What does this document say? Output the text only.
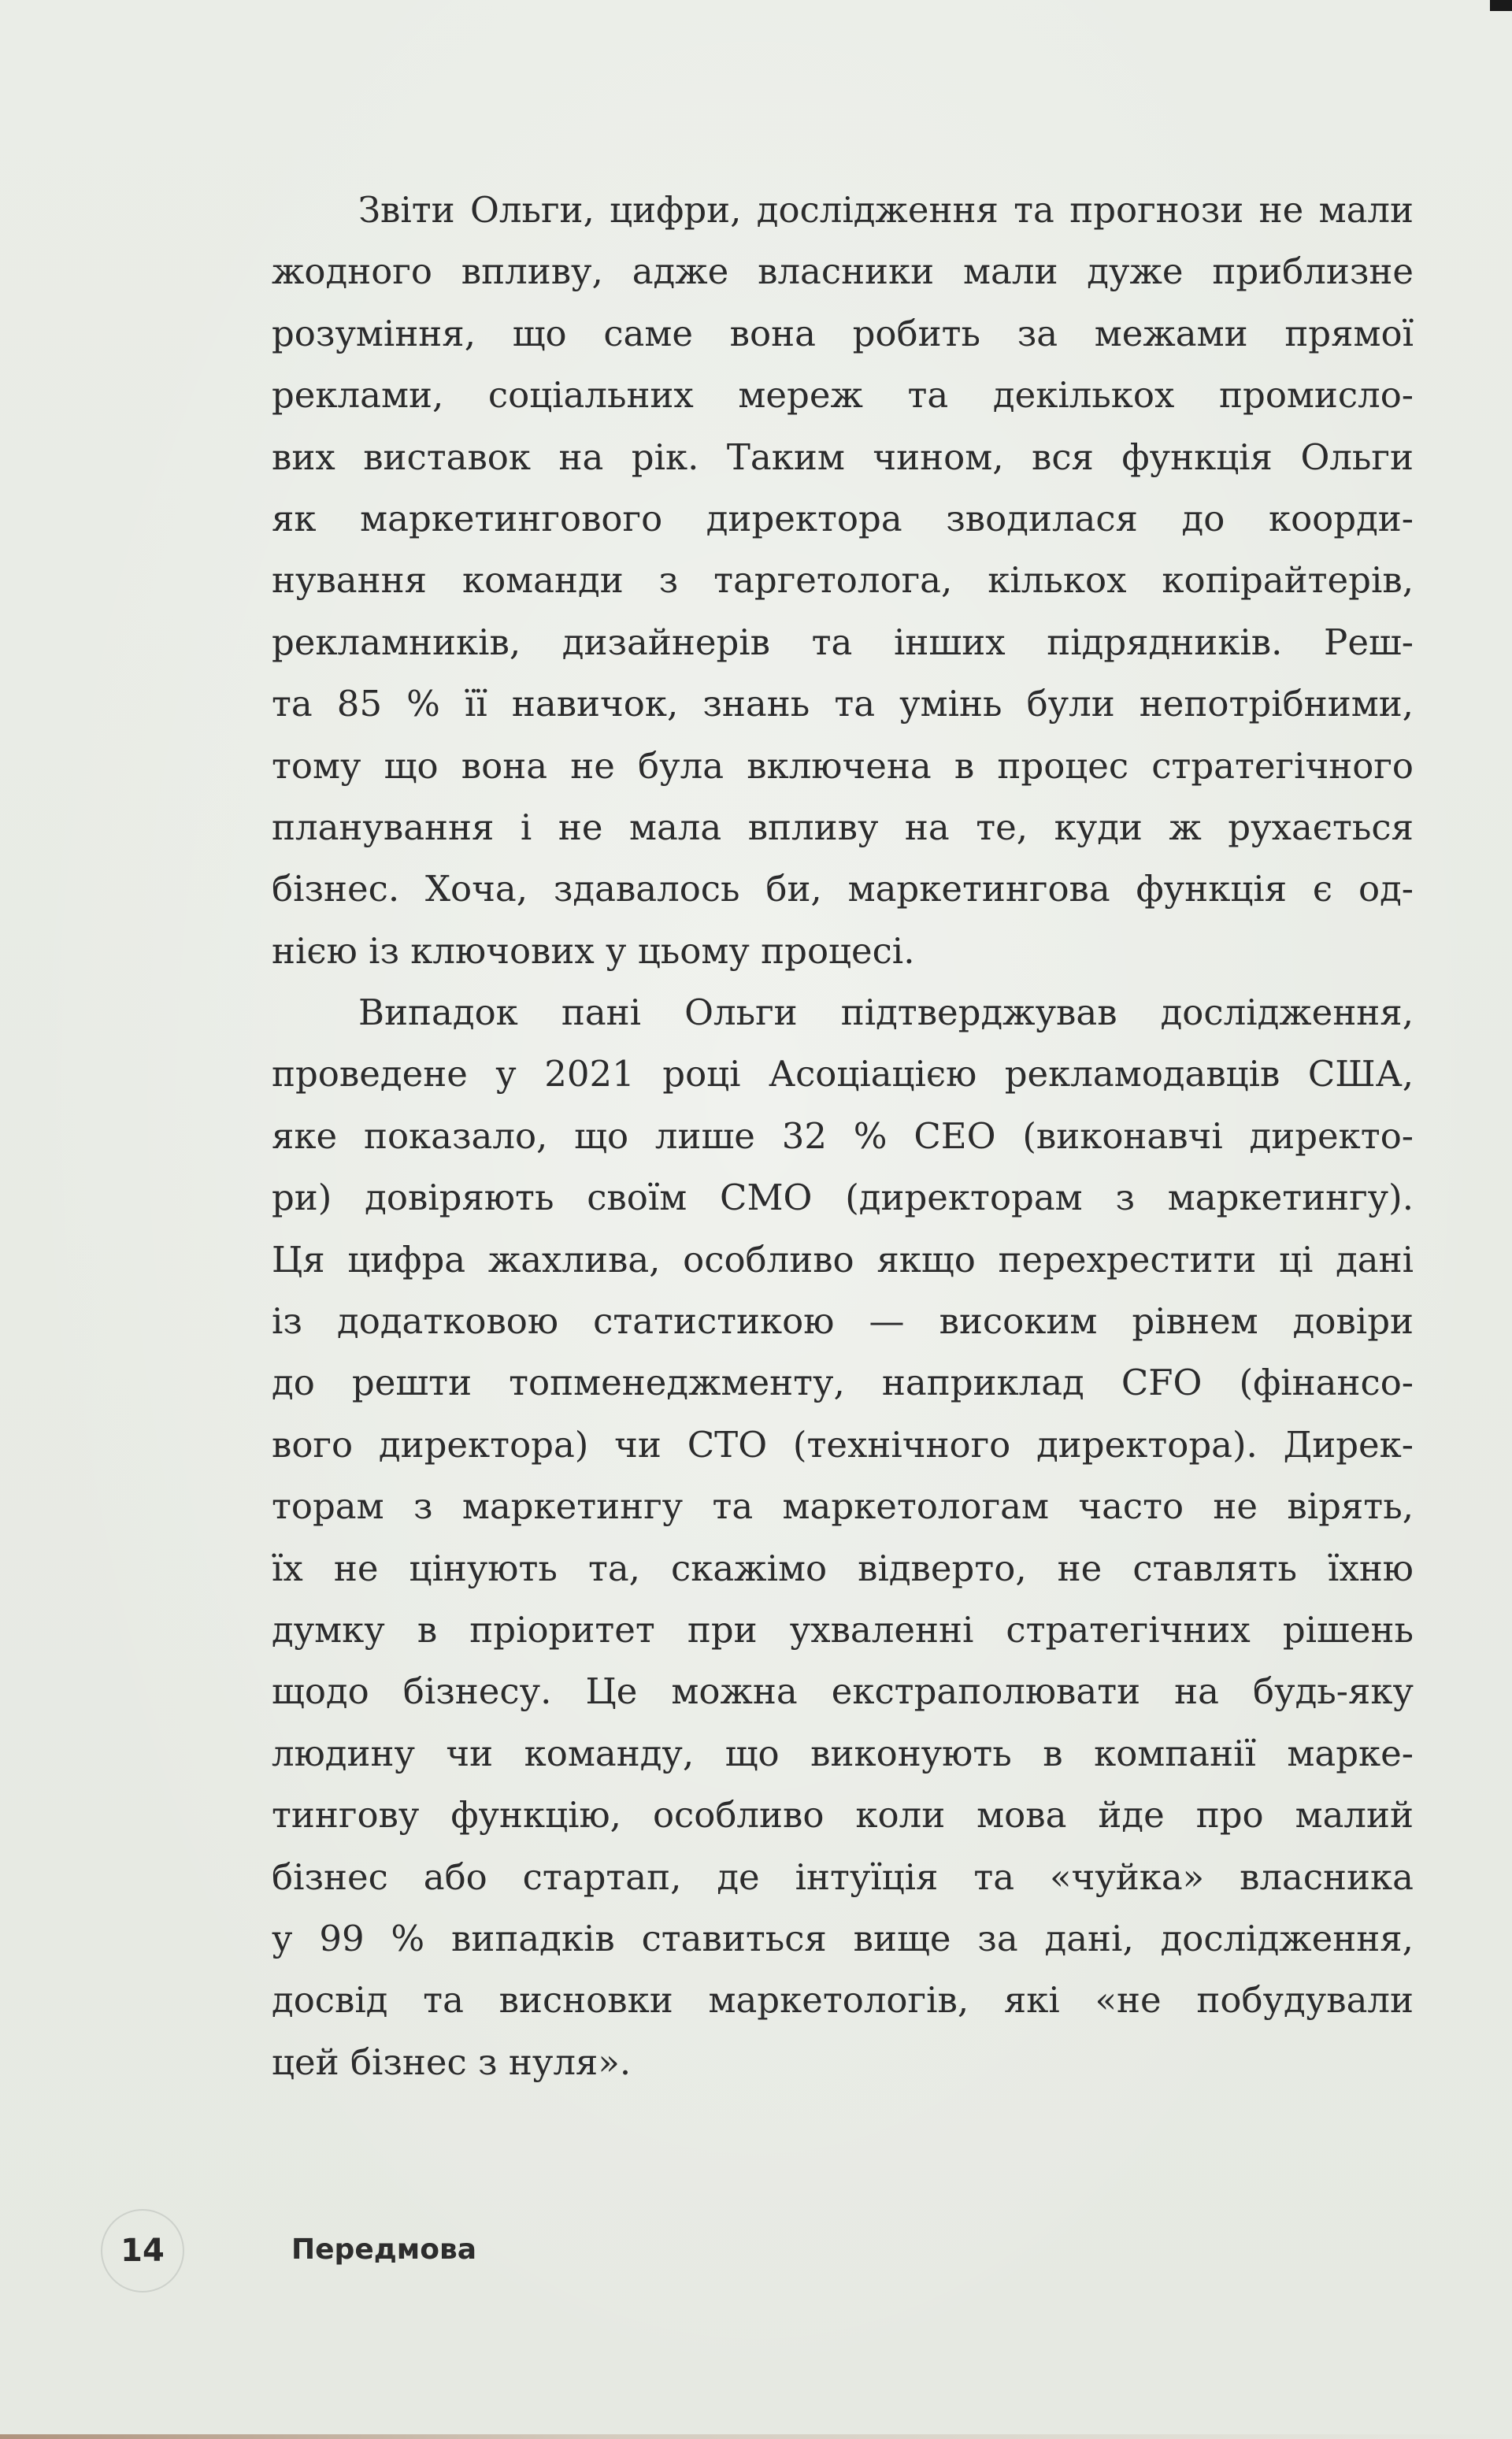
Звіти Ольги, цифри, дослідження та прогнози не мали
жодного впливу, адже власники мали дуже приблизне
розуміння, що саме вона робить за межами прямої
реклами, соціальних мереж та декількох промисло-
вих виставок на рік. Таким чином, вся функція Ольги
як маркетингового директора зводилася до коорди-
нування команди з таргетолога, кількох копірайтерів,
рекламників, дизайнерів та інших підрядників. Реш-
та 85 % її навичок, знань та умінь були непотрібними,
тому що вона не була включена в процес стратегічного
планування і не мала впливу на те, куди ж рухається
бізнес. Хоча, здавалось би, маркетингова функція є од-
нією із ключових у цьому процесі.
Випадок пані Ольги підтверджував дослідження,
проведене у 2021 році Асоціацією рекламодавців США,
яке показало, що лише 32 % CEO (виконавчі директо-
ри) довіряють своїм CMO (директорам з маркетингу).
Ця цифра жахлива, особливо якщо перехрестити ці дані
із додатковою статистикою — високим рівнем довіри
до решти топменеджменту, наприклад CFO (фінансо-
вого директора) чи CTO (технічного директора). Дирек-
торам з маркетингу та маркетологам часто не вірять,
їх не цінують та, скажімо відверто, не ставлять їхню
думку в пріоритет при ухваленні стратегічних рішень
щодо бізнесу. Це можна екстраполювати на будь-яку
людину чи команду, що виконують в компанії марке-
тингову функцію, особливо коли мова йде про малий
бізнес або стартап, де інтуїція та «чуйка» власника
у 99 % випадків ставиться вище за дані, дослідження,
досвід та висновки маркетологів, які «не побудували
цей бізнес з нуля».
14	Передмова
